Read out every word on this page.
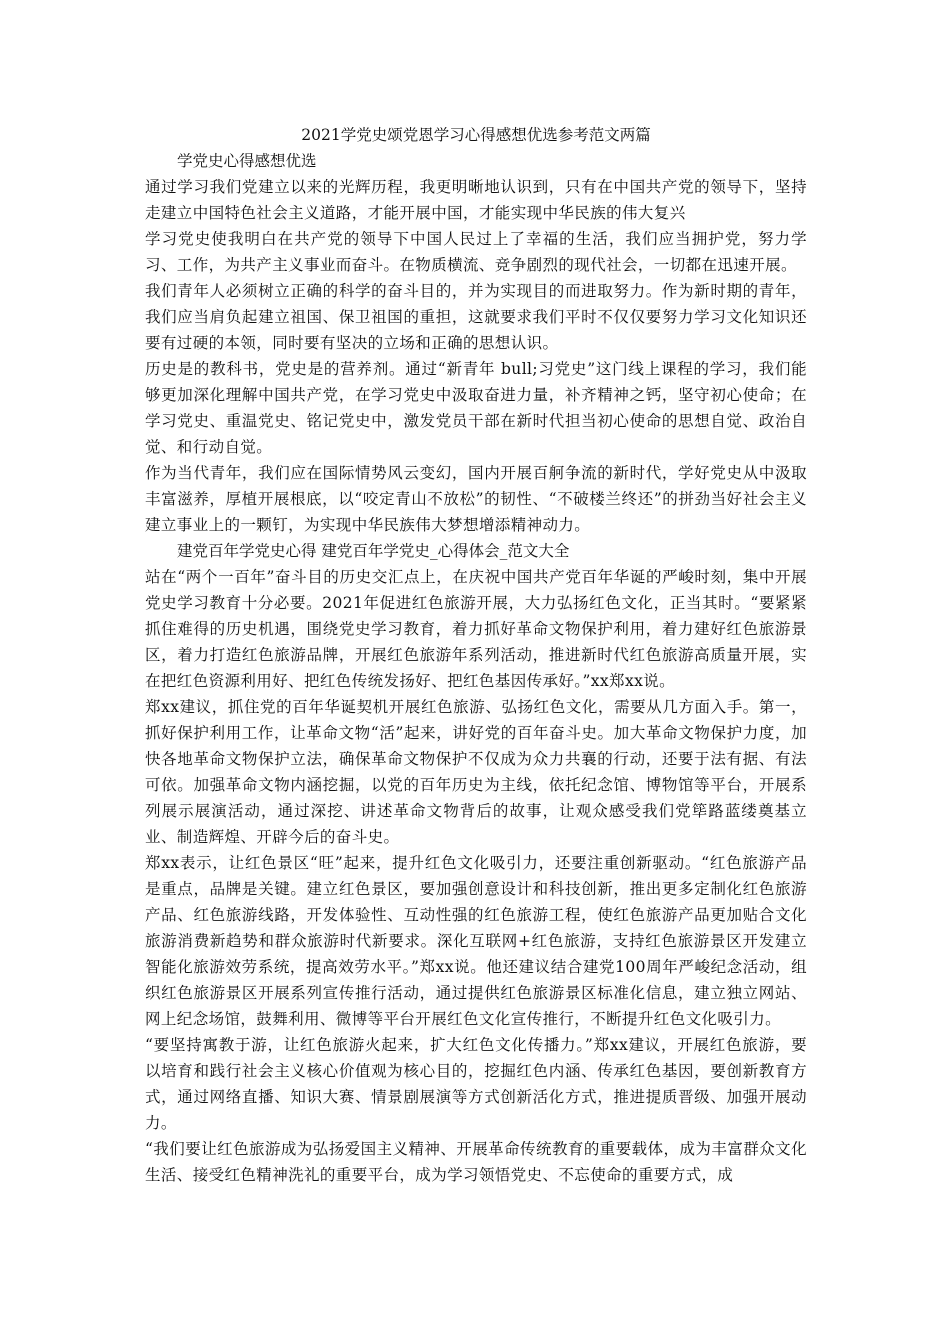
2021学党史颂党恩学习心得感想优选参考范文两篇

学党史心得感想优选

通过学习我们党建立以来的光辉历程，我更明晰地认识到，只有在中国共产党的领导下，坚持走建立中国特色社会主义道路，才能开展中国，才能实现中华民族的伟大复兴

学习党史使我明白在共产党的领导下中国人民过上了幸福的生活，我们应当拥护党，努力学习、工作，为共产主义事业而奋斗。在物质横流、竞争剧烈的现代社会，一切都在迅速开展。

我们青年人必须树立正确的科学的奋斗目的，并为实现目的而进取努力。作为新时期的青年，我们应当肩负起建立祖国、保卫祖国的重担，这就要求我们平时不仅仅要努力学习文化知识还要有过硬的本领，同时要有坚决的立场和正确的思想认识。

历史是的教科书，党史是的营养剂。通过“新青年 bull;习党史”这门线上课程的学习，我们能够更加深化理解中国共产党，在学习党史中汲取奋进力量，补齐精神之钙，坚守初心使命；在学习党史、重温党史、铭记党史中，激发党员干部在新时代担当初心使命的思想自觉、政治自觉、和行动自觉。

作为当代青年，我们应在国际情势风云变幻，国内开展百舸争流的新时代，学好党史从中汲取丰富滋养，厚植开展根底，以“咬定青山不放松”的韧性、“不破楼兰终还”的拼劲当好社会主义建立事业上的一颗钉，为实现中华民族伟大梦想增添精神动力。

建党百年学党史心得 建党百年学党史_心得体会_范文大全

站在“两个一百年”奋斗目的历史交汇点上，在庆祝中国共产党百年华诞的严峻时刻，集中开展党史学习教育十分必要。2021年促进红色旅游开展，大力弘扬红色文化，正当其时。“要紧紧抓住难得的历史机遇，围绕党史学习教育，着力抓好革命文物保护利用，着力建好红色旅游景区，着力打造红色旅游品牌，开展红色旅游年系列活动，推进新时代红色旅游高质量开展，实在把红色资源利用好、把红色传统发扬好、把红色基因传承好。”xx郑xx说。

郑xx建议，抓住党的百年华诞契机开展红色旅游、弘扬红色文化，需要从几方面入手。第一，抓好保护利用工作，让革命文物“活”起来，讲好党的百年奋斗史。加大革命文物保护力度，加快各地革命文物保护立法，确保革命文物保护不仅成为众力共襄的行动，还要于法有据、有法可依。加强革命文物内涵挖掘，以党的百年历史为主线，依托纪念馆、博物馆等平台，开展系列展示展演活动，通过深挖、讲述革命文物背后的故事，让观众感受我们党筚路蓝缕奠基立业、制造辉煌、开辟今后的奋斗史。

郑xx表示，让红色景区“旺”起来，提升红色文化吸引力，还要注重创新驱动。“红色旅游产品是重点，品牌是关键。建立红色景区，要加强创意设计和科技创新，推出更多定制化红色旅游产品、红色旅游线路，开发体验性、互动性强的红色旅游工程，使红色旅游产品更加贴合文化旅游消费新趋势和群众旅游时代新要求。深化互联网+红色旅游，支持红色旅游景区开发建立智能化旅游效劳系统，提高效劳水平。”郑xx说。他还建议结合建党100周年严峻纪念活动，组织红色旅游景区开展系列宣传推行活动，通过提供红色旅游景区标准化信息，建立独立网站、网上纪念场馆，鼓舞利用、微博等平台开展红色文化宣传推行，不断提升红色文化吸引力。

“要坚持寓教于游，让红色旅游火起来，扩大红色文化传播力。”郑xx建议，开展红色旅游，要以培育和践行社会主义核心价值观为核心目的，挖掘红色内涵、传承红色基因，要创新教育方式，通过网络直播、知识大赛、情景剧展演等方式创新活化方式，推进提质晋级、加强开展动力。

“我们要让红色旅游成为弘扬爱国主义精神、开展革命传统教育的重要载体，成为丰富群众文化生活、接受红色精神洗礼的重要平台，成为学习领悟党史、不忘使命的重要方式，成
